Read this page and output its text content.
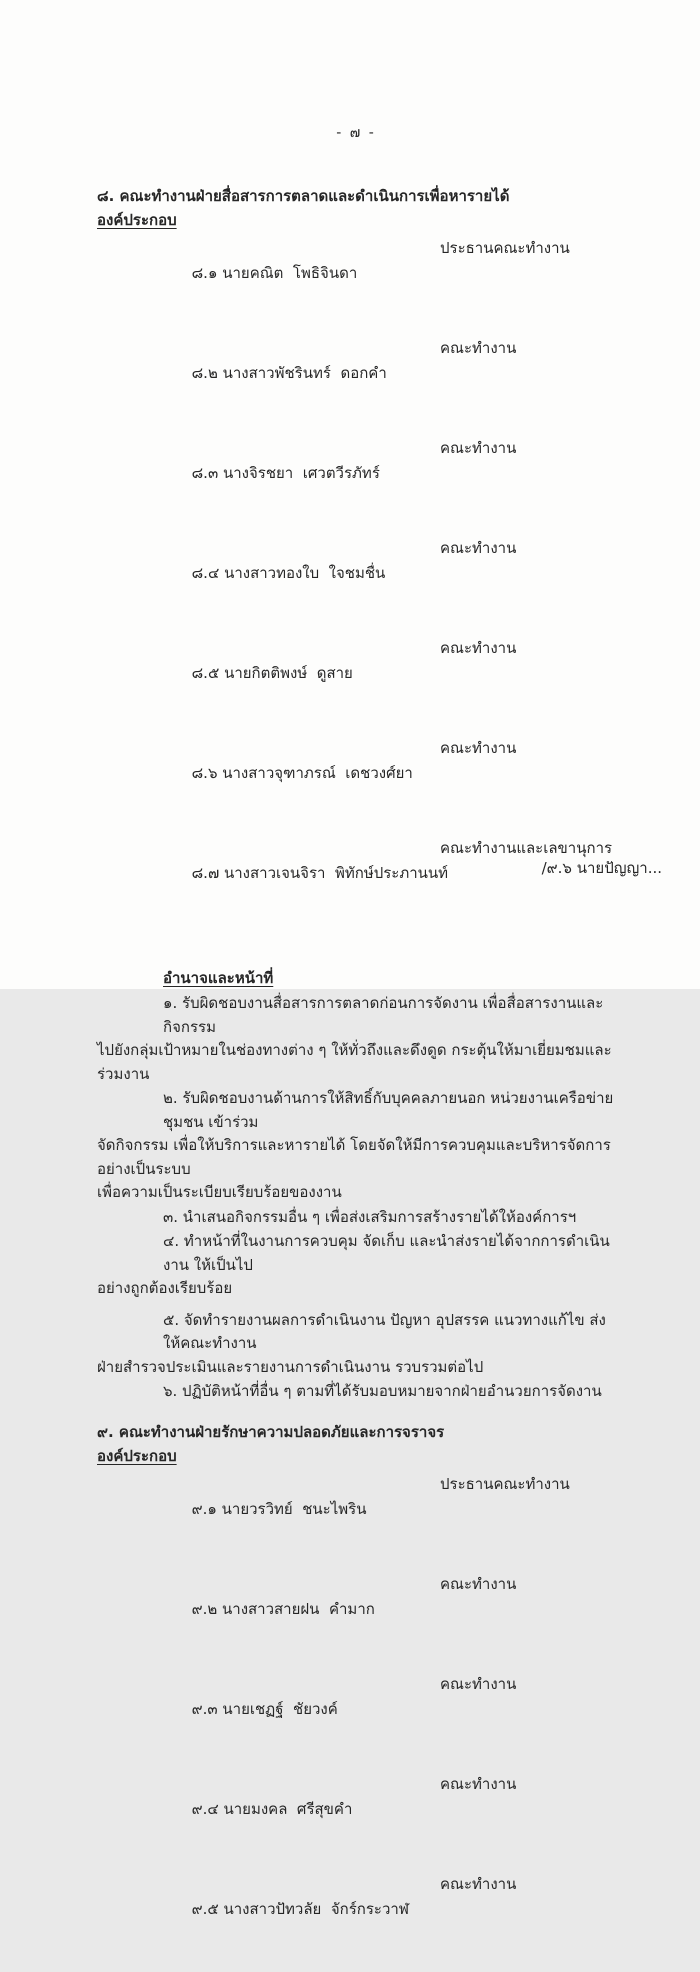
- ๗ -
๘. คณะทำงานฝ่ายสื่อสารการตลาดและดำเนินการเพื่อหารายได้
องค์ประกอบ

๘.๑ นายคณิต  โพธิจินดา

ประธานคณะทำงาน

๘.๒ นางสาวพัชรินทร์  ดอกคำ

คณะทำงาน

๘.๓ นางจิรชยา  เศวตวีรภัทร์

คณะทำงาน

๘.๔ นางสาวทองใบ  ใจชมชื่น

คณะทำงาน

๘.๕ นายกิตติพงษ์  ดูสาย

คณะทำงาน

๘.๖ นางสาวจุฑาภรณ์  เดชวงศ์ยา

คณะทำงาน

๘.๗ นางสาวเจนจิรา  พิทักษ์ประภานนท์

คณะทำงานและเลขานุการ

อำนาจและหน้าที่
๑. รับผิดชอบงานสื่อสารการตลาดก่อนการจัดงาน เพื่อสื่อสารงานและกิจกรรม
ไปยังกลุ่มเป้าหมายในช่องทางต่าง ๆ ให้ทั่วถึงและดึงดูด กระตุ้นให้มาเยี่ยมชมและร่วมงาน
๒. รับผิดชอบงานด้านการให้สิทธิ์กับบุคคลภายนอก หน่วยงานเครือข่าย ชุมชน เข้าร่วม
จัดกิจกรรม เพื่อให้บริการและหารายได้ โดยจัดให้มีการควบคุมและบริหารจัดการอย่างเป็นระบบ
เพื่อความเป็นระเบียบเรียบร้อยของงาน
๓. นำเสนอกิจกรรมอื่น ๆ เพื่อส่งเสริมการสร้างรายได้ให้องค์การฯ
๔. ทำหน้าที่ในงานการควบคุม จัดเก็บ และนำส่งรายได้จากการดำเนินงาน ให้เป็นไป
อย่างถูกต้องเรียบร้อย
๕. จัดทำรายงานผลการดำเนินงาน ปัญหา อุปสรรค แนวทางแก้ไข ส่งให้คณะทำงาน
ฝ่ายสำรวจประเมินและรายงานการดำเนินงาน รวบรวมต่อไป
๖. ปฏิบัติหน้าที่อื่น ๆ ตามที่ได้รับมอบหมายจากฝ่ายอำนวยการจัดงาน
๙. คณะทำงานฝ่ายรักษาความปลอดภัยและการจราจร
องค์ประกอบ

๙.๑ นายวรวิทย์  ชนะไพริน

ประธานคณะทำงาน

๙.๒ นางสาวสายฝน  คำมาก

คณะทำงาน

๙.๓ นายเชฏฐ์  ชัยวงค์

คณะทำงาน

๙.๔ นายมงคล  ศรีสุขคำ

คณะทำงาน

๙.๕ นางสาวปัทวลัย  จักร์กระวาฬ

คณะทำงาน

/๙.๖ นายปัญญา...
